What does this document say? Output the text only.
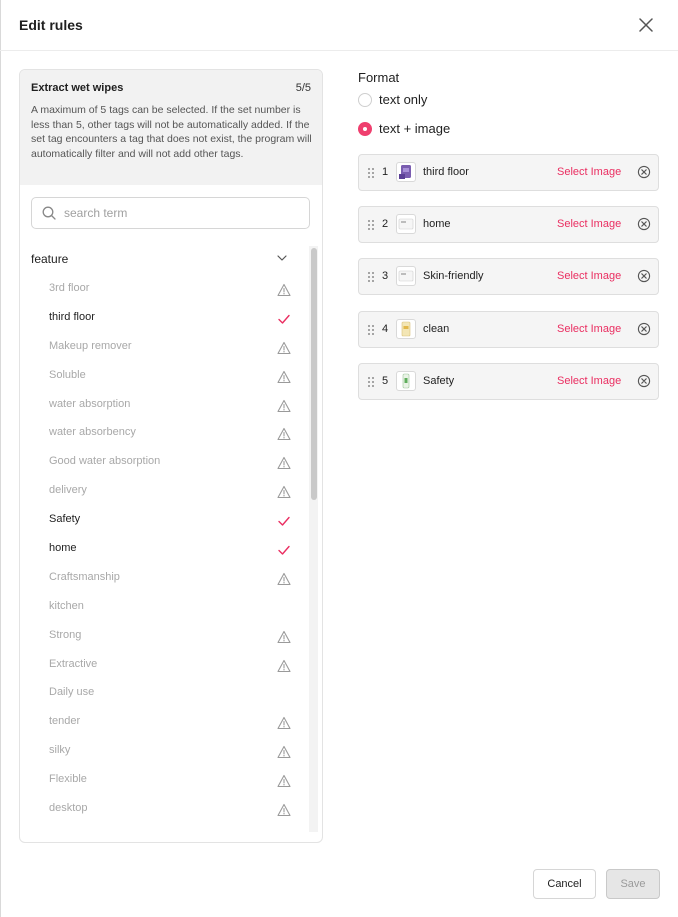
Edit rules
Extract wet wipes	5/5
A maximum of 5 tags can be selected. If the set number is less than 5, other tags will not be automatically added. If the set tag encounters a tag that does not exist, the program will automatically filter and will not add other tags.
search term
feature
3rd floor
third floor
Makeup remover
Soluble
water absorption
water absorbency
Good water absorption
delivery
Safety
home
Craftsmanship
kitchen
Strong
Extractive
Daily use
tender
silky
Flexible
desktop
Format
text only
text + image
1	third floor	Select Image
2	home	Select Image
3	Skin-friendly	Select Image
4	clean	Select Image
5	Safety	Select Image
Cancel	Save
